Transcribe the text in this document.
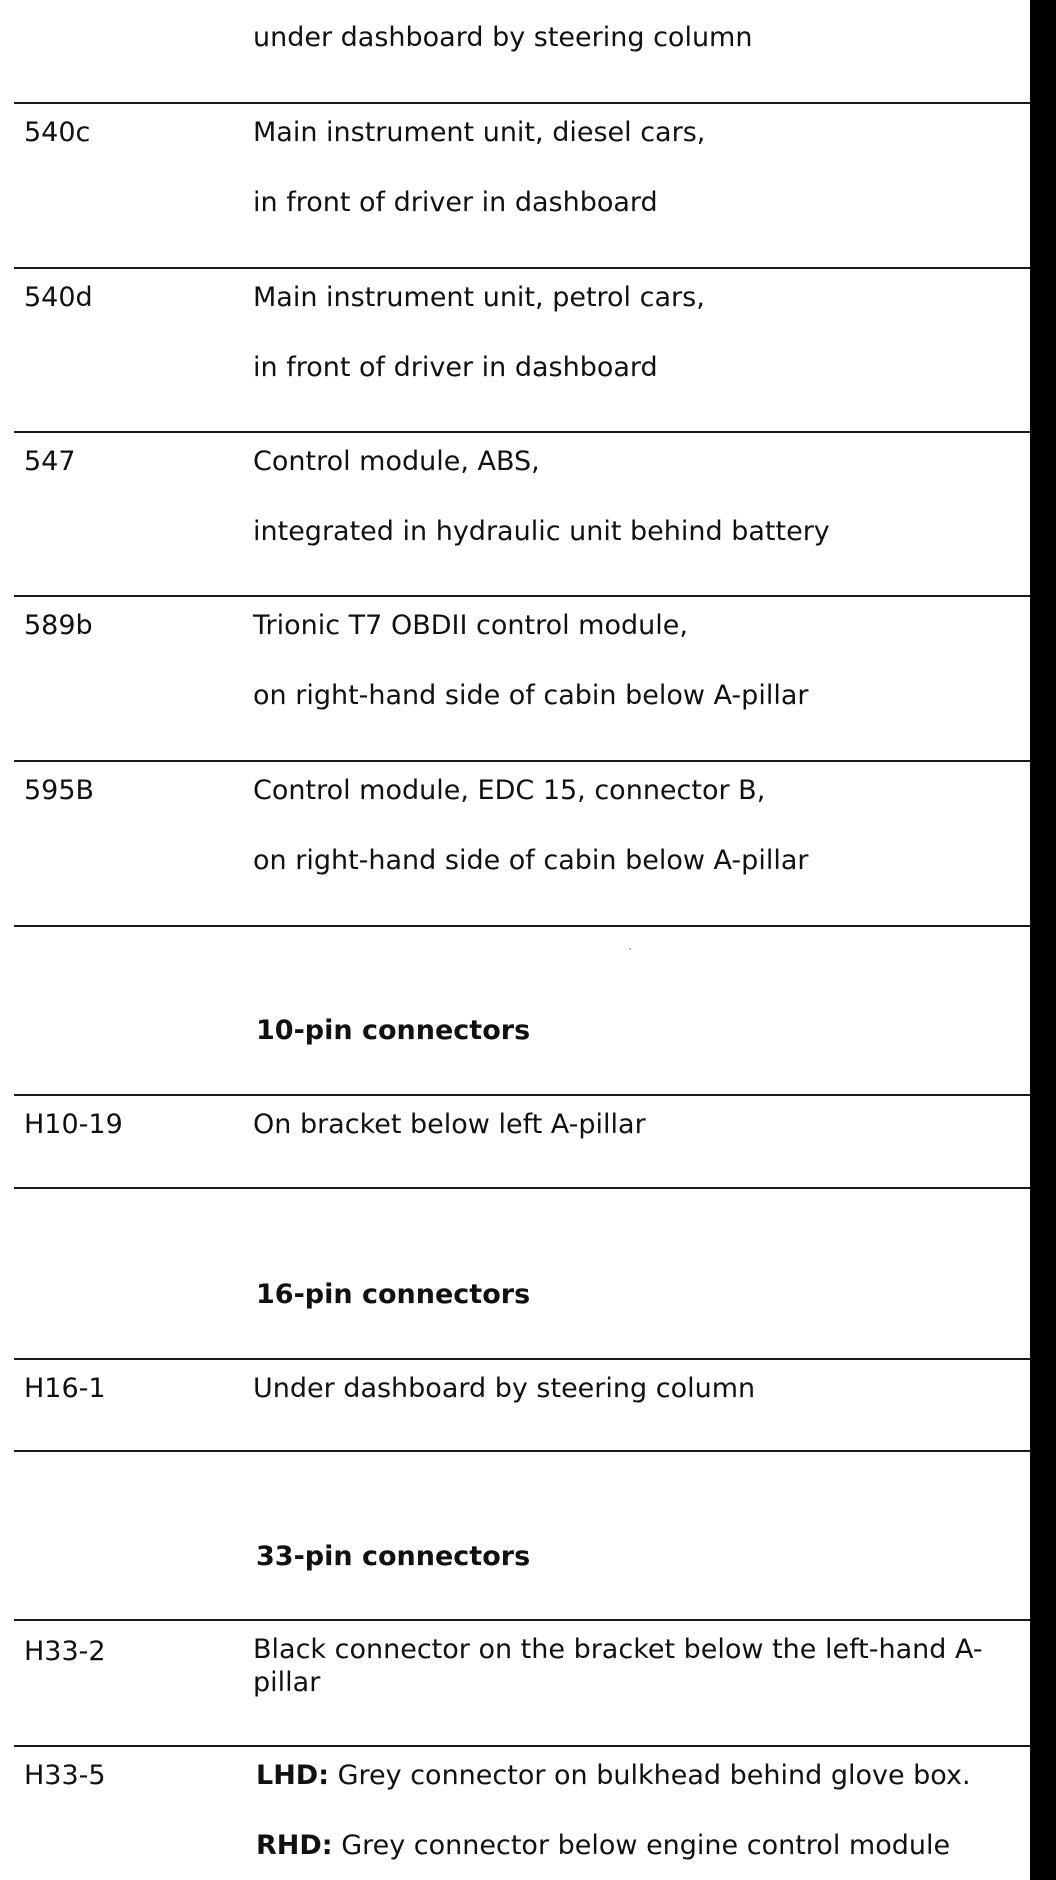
under dashboard by steering column
540c	Main instrument unit, diesel cars,
in front of driver in dashboard
540d	Main instrument unit, petrol cars,
in front of driver in dashboard
547	Control module, ABS,
integrated in hydraulic unit behind battery
589b	Trionic T7 OBDII control module,
on right-hand side of cabin below A-pillar
595B	Control module, EDC 15, connector B,
on right-hand side of cabin below A-pillar
10-pin connectors
H10-19	On bracket below left A-pillar
16-pin connectors
H16-1	Under dashboard by steering column
33-pin connectors
H33-2	Black connector on the bracket below the left-hand A-pillar
H33-5	LHD: Grey connector on bulkhead behind glove box.
RHD: Grey connector below engine control module
